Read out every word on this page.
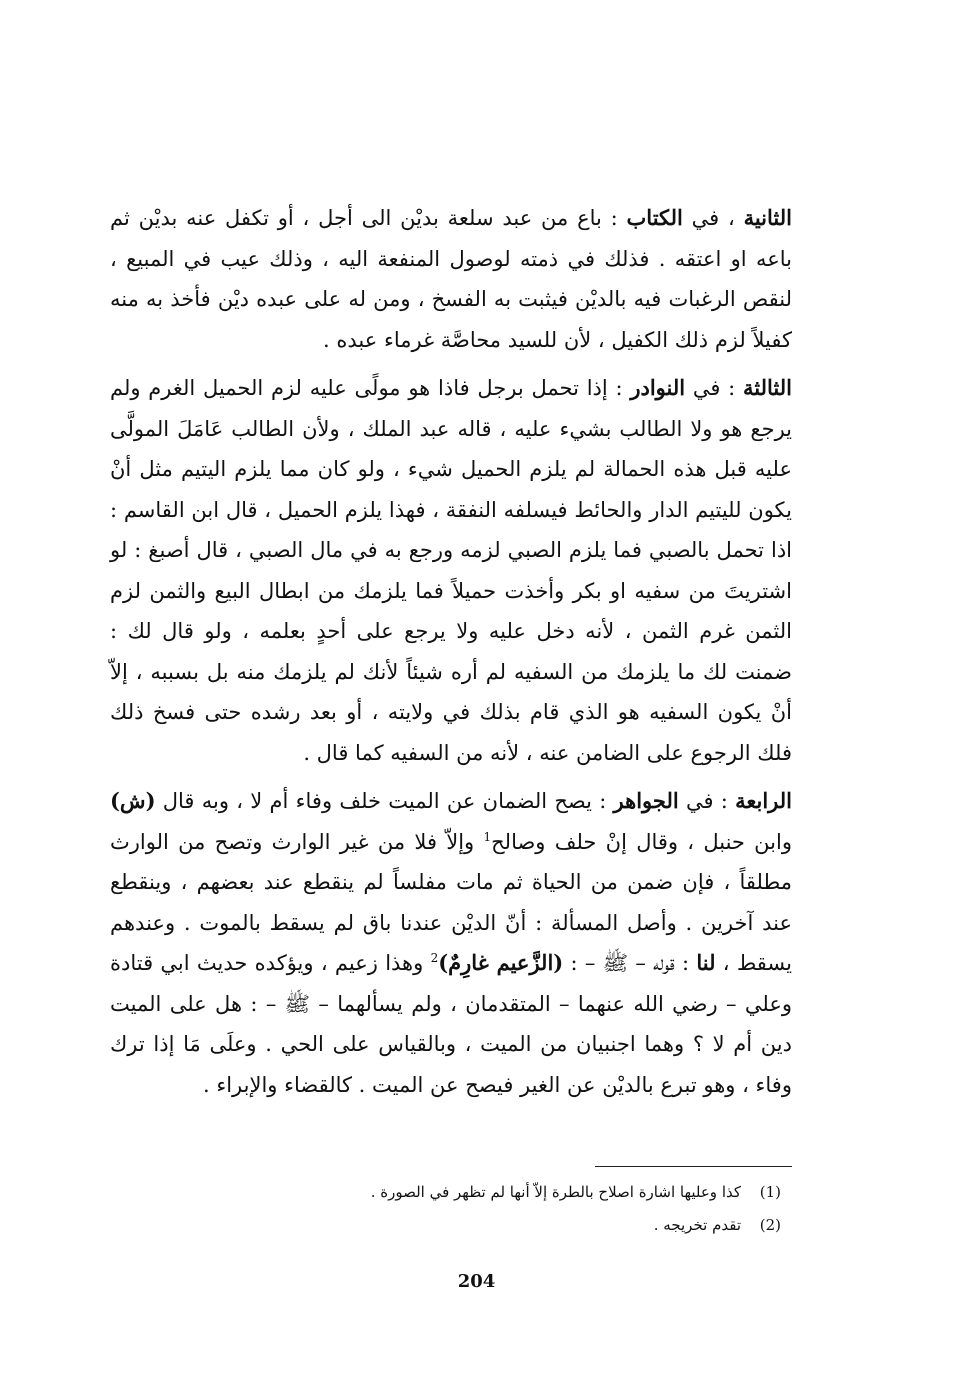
الثانية ، في الكتاب : باع من عبد سلعة بديْن الى أجل ، أو تكفل عنه بديْن ثم باعه او اعتقه . فذلك في ذمته لوصول المنفعة اليه ، وذلك عيب في المبيع ، لنقص الرغبات فيه بالديْن فيثبت به الفسخ ، ومن له على عبده ديْن فأخذ به منه كفيلاً لزم ذلك الكفيل ، لأن للسيد محاصَّة غرماء عبده .

الثالثة : في النوادر : إذا تحمل برجل فاذا هو مولًى عليه لزم الحميل الغرم ولم يرجع هو ولا الطالب بشيء عليه ، قاله عبد الملك ، ولأن الطالب عَامَلَ المولَّى عليه قبل هذه الحمالة لم يلزم الحميل شيء ، ولو كان مما يلزم اليتيم مثل أنْ يكون لليتيم الدار والحائط فيسلفه النفقة ، فهذا يلزم الحميل ، قال ابن القاسم : اذا تحمل بالصبي فما يلزم الصبي لزمه ورجع به في مال الصبي ، قال أصبغ : لو اشتريتَ من سفيه او بكر وأخذت حميلاً فما يلزمك من ابطال البيع والثمن لزم الثمن غرم الثمن ، لأنه دخل عليه ولا يرجع على أحدٍ بعلمه ، ولو قال لك : ضمنت لك ما يلزمك من السفيه لم أره شيئاً لأنك لم يلزمك منه بل بسببه ، إلاّ أنْ يكون السفيه هو الذي قام بذلك في ولايته ، أو بعد رشده حتى فسخ ذلك فلك الرجوع على الضامن عنه ، لأنه من السفيه كما قال .

الرابعة : في الجواهر : يصح الضمان عن الميت خلف وفاء أم لا ، وبه قال (ش) وابن حنبل ، وقال إنْ حلف وصالح$^1$ وإلاّ فلا من غير الوارث وتصح من الوارث مطلقاً ، فإن ضمن من الحياة ثم مات مفلساً لم ينقطع عند بعضهم ، وينقطع عند آخرين . وأصل المسألة : أنّ الديْن عندنا باق لم يسقط بالموت . وعندهم يسقط ، لنا : قوله – ﷺ – : (الزَّعيم غارِمٌ)$^2$ وهذا زعيم ، ويؤكده حديث ابي قتادة وعلي – رضي الله عنهما – المتقدمان ، ولم يسألهما – ﷺ – : هل على الميت دين أم لا ؟ وهما اجنبيان من الميت ، وبالقياس على الحي . وعلَى مَا إذا ترك وفاء ، وهو تبرع بالديْن عن الغير فيصح عن الميت . كالقضاء والإبراء .

(1)كذا وعليها اشارة اصلاح بالطرة إلاّ أنها لم تظهر في الصورة .
(2)تقدم تخريجه .
204
